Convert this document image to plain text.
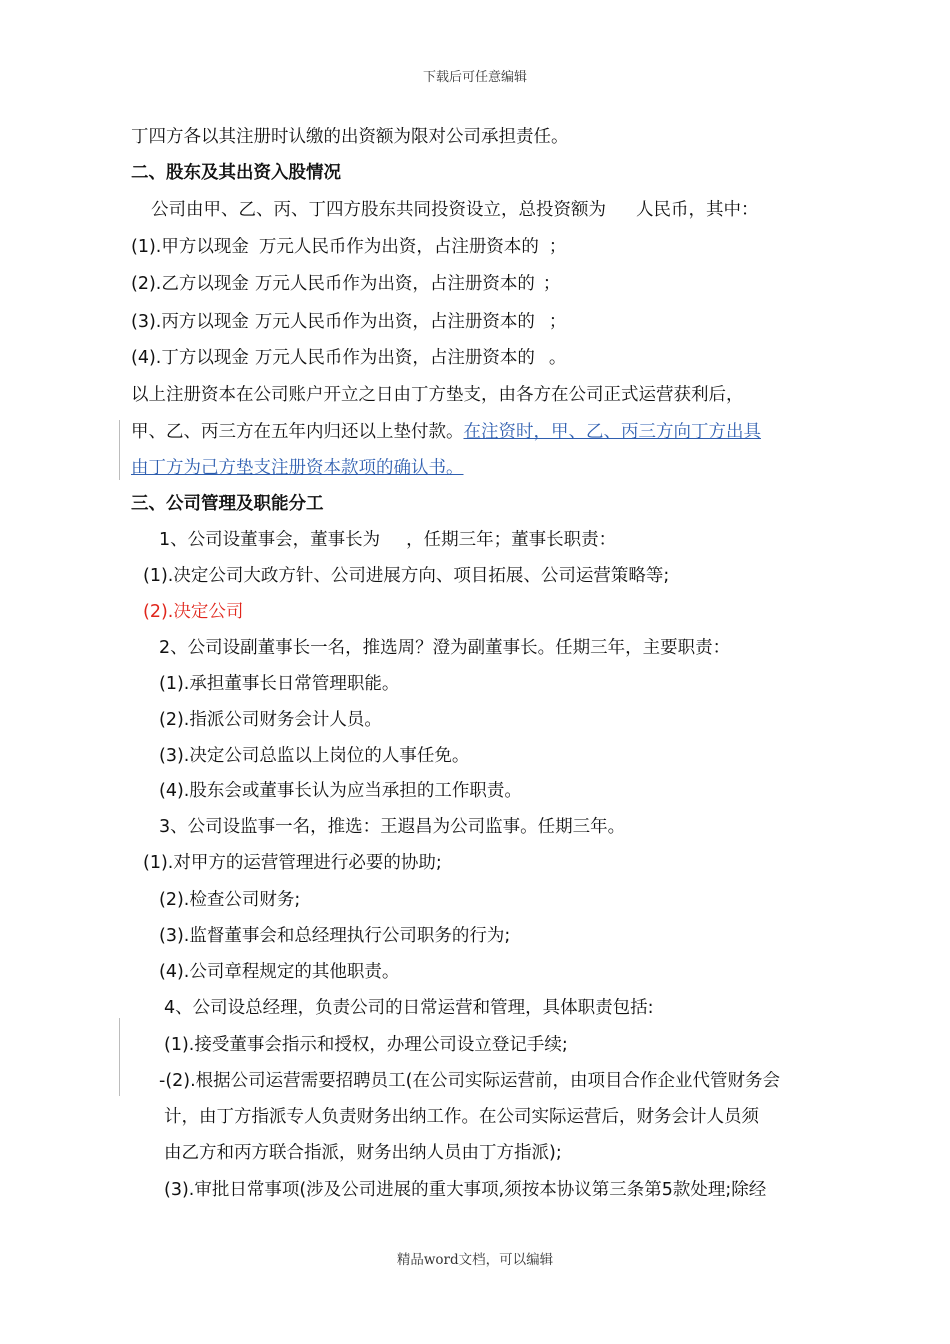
下载后可任意编辑
丁四方各以其注册时认缴的出资额为限对公司承担责任。
二、股东及其出资入股情况
公司由甲、乙、丙、丁四方股东共同投资设立，总投资额为 人民币，其中：
(1).甲方以现金 万元人民币作为出资，占注册资本的 ；
(2).乙方以现金 万元人民币作为出资，占注册资本的 ；
(3).丙方以现金 万元人民币作为出资，占注册资本的 ；
(4).丁方以现金 万元人民币作为出资，占注册资本的 。
以上注册资本在公司账户开立之日由丁方垫支，由各方在公司正式运营获利后，
甲、乙、丙三方在五年内归还以上垫付款。在注资时，甲、乙、丙三方向丁方出具
由丁方为己方垫支注册资本款项的确认书。
三、公司管理及职能分工
1、公司设董事会，董事长为 ，任期三年；董事长职责：
(1).决定公司大政方针、公司进展方向、项目拓展、公司运营策略等;
(2).决定公司
2、公司设副董事长一名，推选周？澄为副董事长。任期三年，主要职责：
(1).承担董事长日常管理职能。
(2).指派公司财务会计人员。
(3).决定公司总监以上岗位的人事任免。
(4).股东会或董事长认为应当承担的工作职责。
3、公司设监事一名，推选：王遐昌为公司监事。任期三年。
(1).对甲方的运营管理进行必要的协助;
(2).检查公司财务;
(3).监督董事会和总经理执行公司职务的行为;
(4).公司章程规定的其他职责。
4、公司设总经理，负责公司的日常运营和管理，具体职责包括:
(1).接受董事会指示和授权，办理公司设立登记手续;
-(2).根据公司运营需要招聘员工(在公司实际运营前，由项目合作企业代管财务会
计，由丁方指派专人负责财务出纳工作。在公司实际运营后，财务会计人员须
由乙方和丙方联合指派，财务出纳人员由丁方指派);
(3).审批日常事项(涉及公司进展的重大事项,须按本协议第三条第5款处理;除经
精品word文档，可以编辑
